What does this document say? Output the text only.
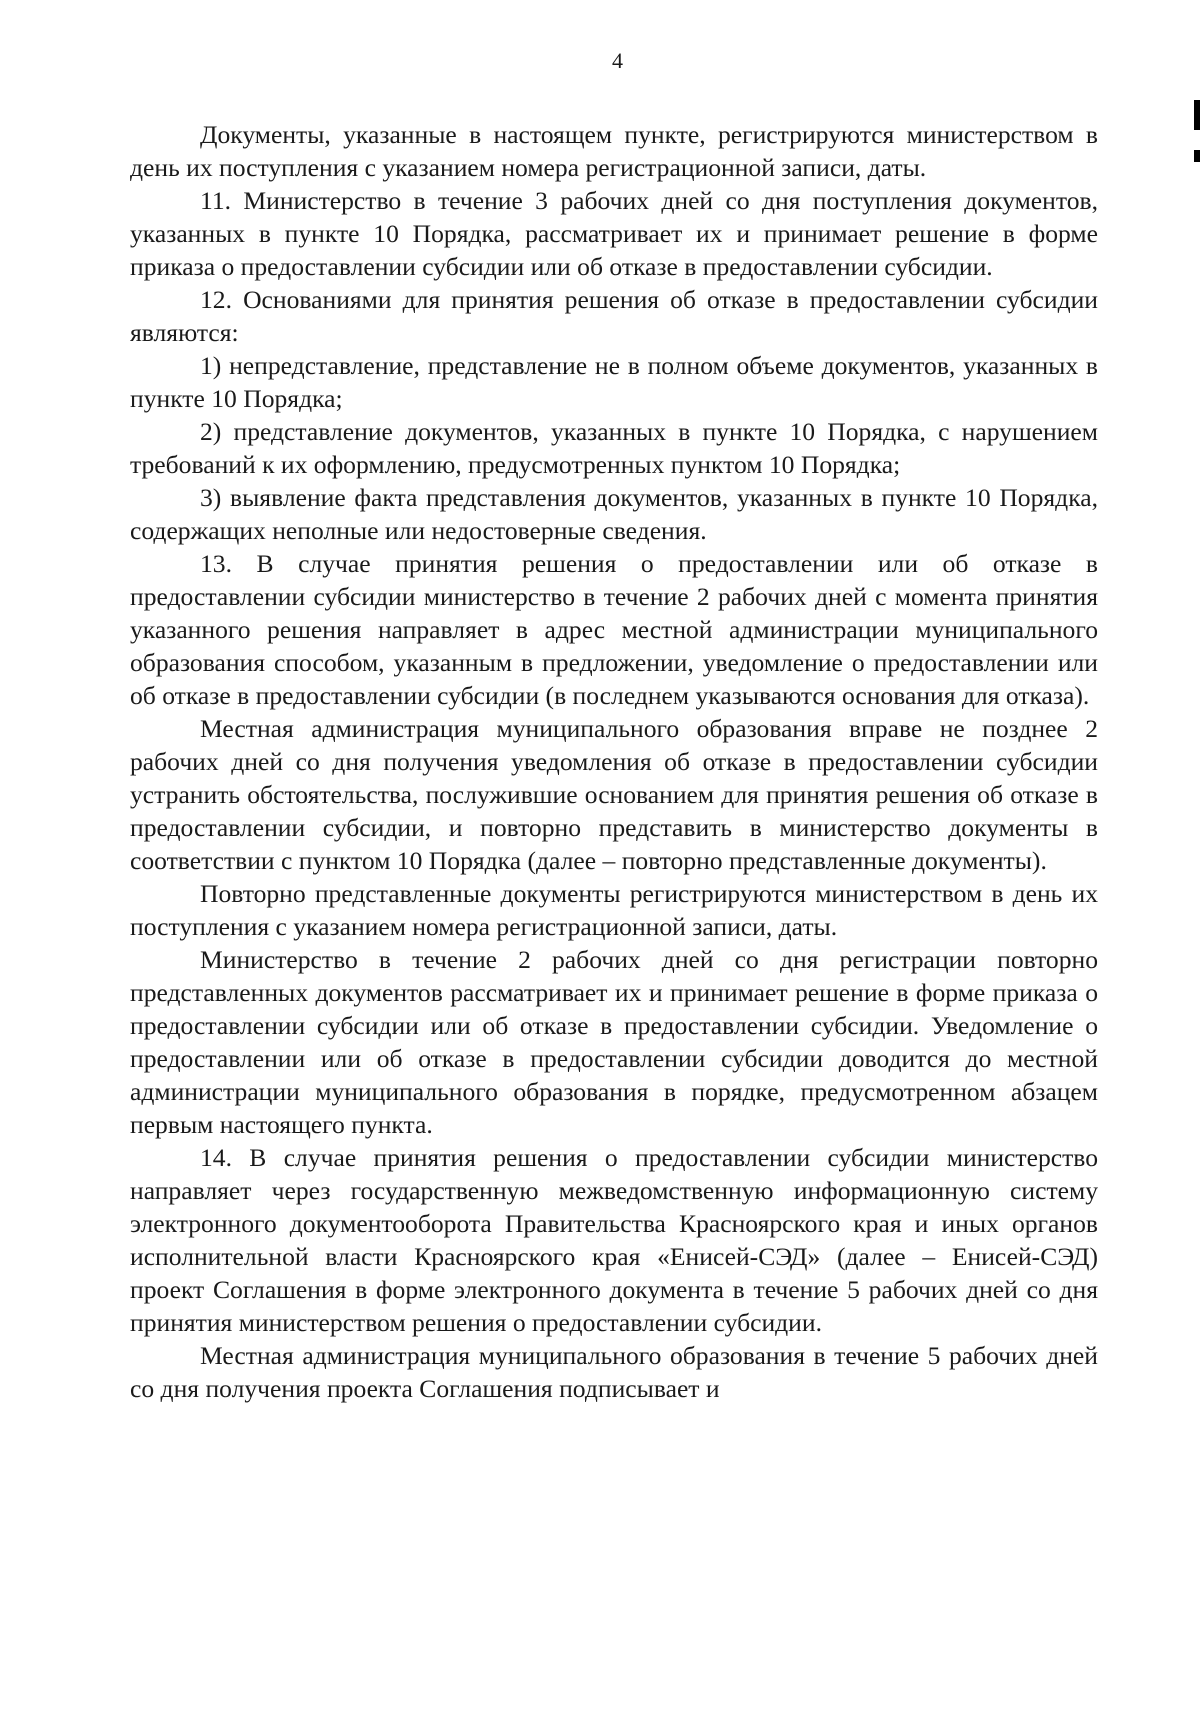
4

Документы, указанные в настоящем пункте, регистрируются министерством в день их поступления с указанием номера регистрационной записи, даты.

11. Министерство в течение 3 рабочих дней со дня поступления документов, указанных в пункте 10 Порядка, рассматривает их и принимает решение в форме приказа о предоставлении субсидии или об отказе в предоставлении субсидии.

12. Основаниями для принятия решения об отказе в предоставлении субсидии являются:

1) непредставление, представление не в полном объеме документов, указанных в пункте 10 Порядка;

2) представление документов, указанных в пункте 10 Порядка, с нарушением требований к их оформлению, предусмотренных пунктом 10 Порядка;

3) выявление факта представления документов, указанных в пункте 10 Порядка, содержащих неполные или недостоверные сведения.

13. В случае принятия решения о предоставлении или об отказе в предоставлении субсидии министерство в течение 2 рабочих дней с момента принятия указанного решения направляет в адрес местной администрации муниципального образования способом, указанным в предложении, уведомление о предоставлении или об отказе в предоставлении субсидии (в последнем указываются основания для отказа).

Местная администрация муниципального образования вправе не позднее 2 рабочих дней со дня получения уведомления об отказе в предоставлении субсидии устранить обстоятельства, послужившие основанием для принятия решения об отказе в предоставлении субсидии, и повторно представить в министерство документы в соответствии с пунктом 10 Порядка (далее – повторно представленные документы).

Повторно представленные документы регистрируются министерством в день их поступления с указанием номера регистрационной записи, даты.

Министерство в течение 2 рабочих дней со дня регистрации повторно представленных документов рассматривает их и принимает решение в форме приказа о предоставлении субсидии или об отказе в предоставлении субсидии. Уведомление о предоставлении или об отказе в предоставлении субсидии доводится до местной администрации муниципального образования в порядке, предусмотренном абзацем первым настоящего пункта.

14. В случае принятия решения о предоставлении субсидии министерство направляет через государственную межведомственную информационную систему электронного документооборота Правительства Красноярского края и иных органов исполнительной власти Красноярского края «Енисей-СЭД» (далее – Енисей-СЭД) проект Соглашения в форме электронного документа в течение 5 рабочих дней со дня принятия министерством решения о предоставлении субсидии.

Местная администрация муниципального образования в течение 5 рабочих дней со дня получения проекта Соглашения подписывает и
